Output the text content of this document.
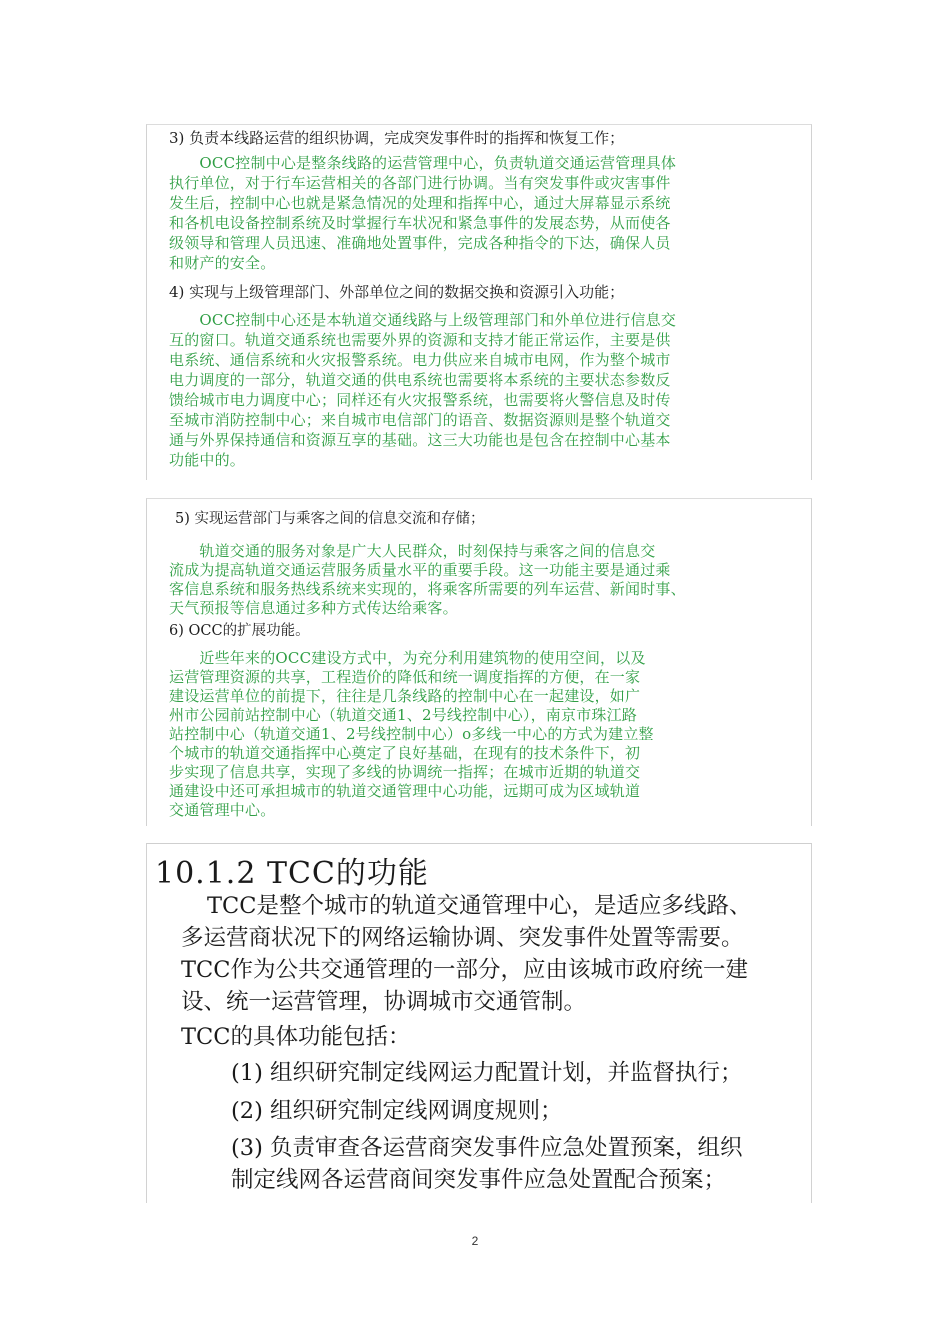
3) 负责本线路运营的组织协调，完成突发事件时的指挥和恢复工作；
　　OCC控制中心是整条线路的运营管理中心，负责轨道交通运营管理具体
执行单位，对于行车运营相关的各部门进行协调。当有突发事件或灾害事件
发生后，控制中心也就是紧急情况的处理和指挥中心，通过大屏幕显示系统
和各机电设备控制系统及时掌握行车状况和紧急事件的发展态势，从而使各
级领导和管理人员迅速、准确地处置事件，完成各种指令的下达，确保人员
和财产的安全。
4) 实现与上级管理部门、外部单位之间的数据交换和资源引入功能；
　　OCC控制中心还是本轨道交通线路与上级管理部门和外单位进行信息交
互的窗口。轨道交通系统也需要外界的资源和支持才能正常运作，主要是供
电系统、通信系统和火灾报警系统。电力供应来自城市电网，作为整个城市
电力调度的一部分，轨道交通的供电系统也需要将本系统的主要状态参数反
馈给城市电力调度中心；同样还有火灾报警系统，也需要将火警信息及时传
至城市消防控制中心；来自城市电信部门的语音、数据资源则是整个轨道交
通与外界保持通信和资源互享的基础。这三大功能也是包含在控制中心基本
功能中的。
5) 实现运营部门与乘客之间的信息交流和存储；
　　轨道交通的服务对象是广大人民群众，时刻保持与乘客之间的信息交
流成为提高轨道交通运营服务质量水平的重要手段。这一功能主要是通过乘
客信息系统和服务热线系统来实现的，将乘客所需要的列车运营、新闻时事、
天气预报等信息通过多种方式传达给乘客。
6) OCC的扩展功能。
　　近些年来的OCC建设方式中，为充分利用建筑物的使用空间，以及
运营管理资源的共享，工程造价的降低和统一调度指挥的方便，在一家
建设运营单位的前提下，往往是几条线路的控制中心在一起建设，如广
州市公园前站控制中心（轨道交通1、2号线控制中心），南京市珠江路
站控制中心（轨道交通1、2号线控制中心）o多线一中心的方式为建立整
个城市的轨道交通指挥中心奠定了良好基础，在现有的技术条件下，初
步实现了信息共享，实现了多线的协调统一指挥；在城市近期的轨道交
通建设中还可承担城市的轨道交通管理中心功能，远期可成为区域轨道
交通管理中心。
10.1.2 TCC的功能
TCC是整个城市的轨道交通管理中心，是适应多线路、
多运营商状况下的网络运输协调、突发事件处置等需要。
TCC作为公共交通管理的一部分，应由该城市政府统一建
设、统一运营管理，协调城市交通管制。
TCC的具体功能包括：
(1) 组织研究制定线网运力配置计划，并监督执行；
(2) 组织研究制定线网调度规则；
(3) 负责审查各运营商突发事件应急处置预案，组织
制定线网各运营商间突发事件应急处置配合预案；
2
